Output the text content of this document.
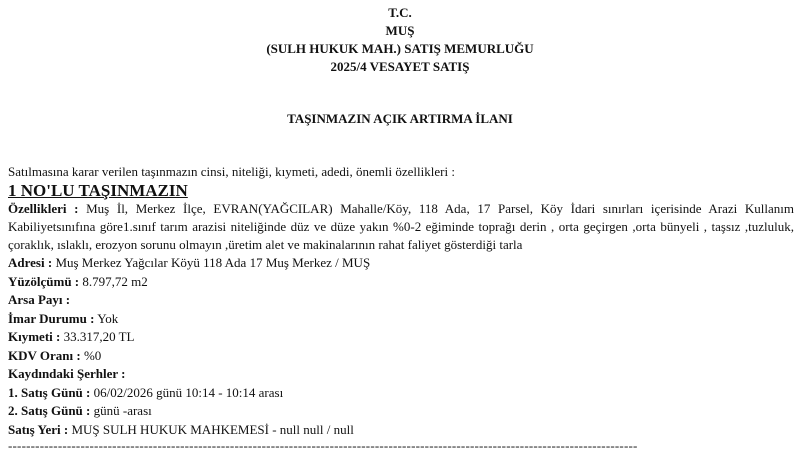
T.C.
MUŞ
(SULH HUKUK MAH.) SATIŞ MEMURLUĞU
2025/4 VESAYET SATIŞ
TAŞINMAZIN AÇIK ARTIRMA İLANI
Satılmasına karar verilen taşınmazın cinsi, niteliği, kıymeti, adedi, önemli özellikleri :
1 NO'LU TAŞINMAZIN
Özellikleri : Muş İl, Merkez İlçe, EVRAN(YAĞCILAR) Mahalle/Köy, 118 Ada, 17 Parsel, Köy İdari sınırları içerisinde Arazi Kullanım Kabiliyetsınıfına göre1.sınıf tarım arazisi niteliğinde düz ve düze yakın %0-2 eğiminde toprağı derin , orta geçirgen ,orta bünyeli , taşsız ,tuzluluk, çoraklık, ıslaklı, erozyon sorunu olmayın ,üretim alet ve makinalarının rahat faliyet gösterdiği tarla
Adresi : Muş Merkez Yağcılar Köyü 118 Ada 17 Muş Merkez / MUŞ
Yüzölçümü : 8.797,72 m2
Arsa Payı :
İmar Durumu : Yok
Kıymeti : 33.317,20 TL
KDV Oranı : %0
Kaydındaki Şerhler :
1. Satış Günü : 06/02/2026 günü 10:14 - 10:14 arası
2. Satış Günü : günü -arası
Satış Yeri : MUŞ SULH HUKUK MAHKEMESİ - null null / null
-------------------------------------------------------------------------------------------------------------------------------------------
